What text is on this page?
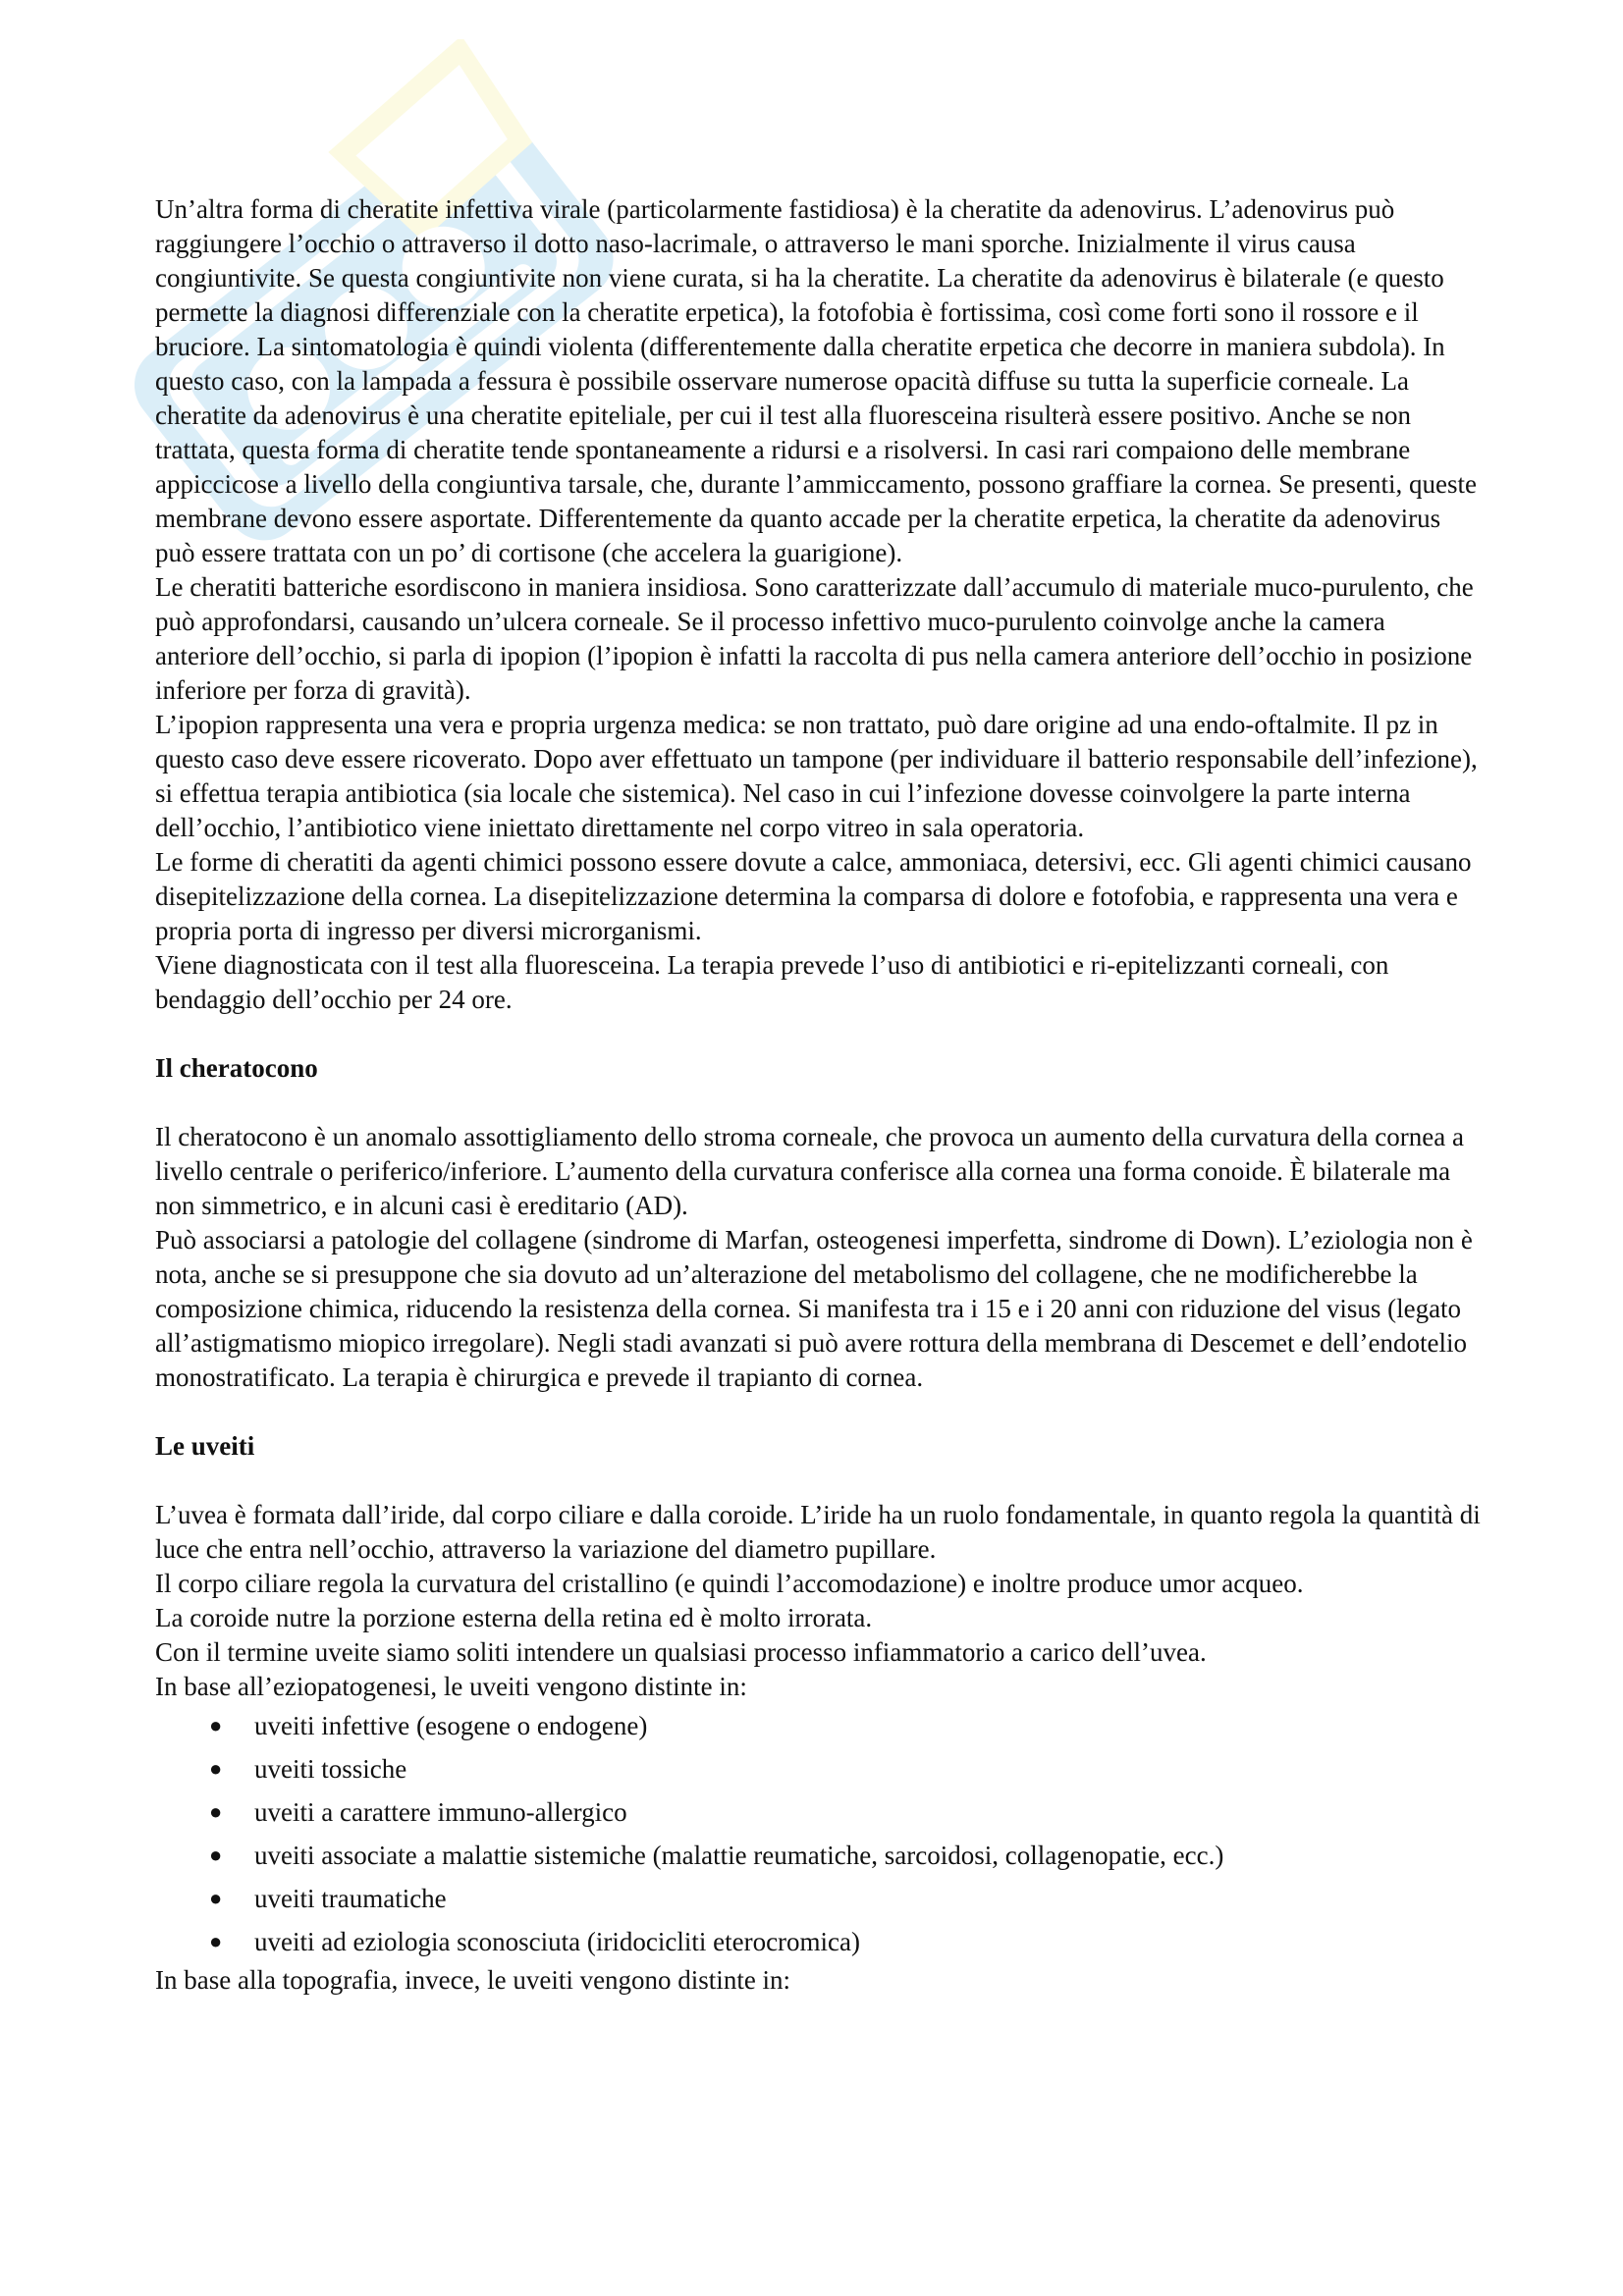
Un’altra forma di cheratite infettiva virale (particolarmente fastidiosa) è la cheratite da adenovirus. L’adenovirus può raggiungere l’occhio o attraverso il dotto naso-lacrimale, o attraverso le mani sporche. Inizialmente il virus causa congiuntivite. Se questa congiuntivite non viene curata, si ha la cheratite. La cheratite da adenovirus è bilaterale (e questo permette la diagnosi differenziale con la cheratite erpetica), la fotofobia è fortissima, così come forti sono il rossore e il bruciore. La sintomatologia è quindi violenta (differentemente dalla cheratite erpetica che decorre in maniera subdola). In questo caso, con la lampada a fessura è possibile osservare numerose opacità diffuse su tutta la superficie corneale. La cheratite da adenovirus è una cheratite epiteliale, per cui il test alla fluoresceina risulterà essere positivo. Anche se non trattata, questa forma di cheratite tende spontaneamente a ridursi e a risolversi. In casi rari compaiono delle membrane appiccicose a livello della congiuntiva tarsale, che, durante l’ammiccamento, possono graffiare la cornea. Se presenti, queste membrane devono essere asportate. Differentemente da quanto accade per la cheratite erpetica, la cheratite da adenovirus può essere trattata con un po’ di cortisone (che accelera la guarigione).

Le cheratiti batteriche esordiscono in maniera insidiosa. Sono caratterizzate dall’accumulo di materiale muco-purulento, che può approfondarsi, causando un’ulcera corneale. Se il processo infettivo muco-purulento coinvolge anche la camera anteriore dell’occhio, si parla di ipopion (l’ipopion è infatti la raccolta di pus nella camera anteriore dell’occhio in posizione inferiore per forza di gravità).

L’ipopion rappresenta una vera e propria urgenza medica: se non trattato, può dare origine ad una endo-oftalmite. Il pz in questo caso deve essere ricoverato. Dopo aver effettuato un tampone (per individuare il batterio responsabile dell’infezione), si effettua terapia antibiotica (sia locale che sistemica). Nel caso in cui l’infezione dovesse coinvolgere la parte interna dell’occhio, l’antibiotico viene iniettato direttamente nel corpo vitreo in sala operatoria.

Le forme di cheratiti da agenti chimici possono essere dovute a calce, ammoniaca, detersivi, ecc. Gli agenti chimici causano disepitelizzazione della cornea. La disepitelizzazione determina la comparsa di dolore e fotofobia, e rappresenta una vera e propria porta di ingresso per diversi microrganismi.

Viene diagnosticata con il test alla fluoresceina. La terapia prevede l’uso di antibiotici e ri-epitelizzanti corneali, con bendaggio dell’occhio per 24 ore.

Il cheratocono

Il cheratocono è un anomalo assottigliamento dello stroma corneale, che provoca un aumento della curvatura della cornea a livello centrale o periferico/inferiore. L’aumento della curvatura conferisce alla cornea una forma conoide. È bilaterale ma non simmetrico, e in alcuni casi è ereditario (AD).

Può associarsi a patologie del collagene (sindrome di Marfan, osteogenesi imperfetta, sindrome di Down). L’eziologia non è nota, anche se si presuppone che sia dovuto ad un’alterazione del metabolismo del collagene, che ne modificherebbe la composizione chimica, riducendo la resistenza della cornea. Si manifesta tra i 15 e i 20 anni con riduzione del visus (legato all’astigmatismo miopico irregolare). Negli stadi avanzati si può avere rottura della membrana di Descemet e dell’endotelio monostratificato. La terapia è chirurgica e prevede il trapianto di cornea.

Le uveiti

L’uvea è formata dall’iride, dal corpo ciliare e dalla coroide. L’iride ha un ruolo fondamentale, in quanto regola la quantità di luce che entra nell’occhio, attraverso la variazione del diametro pupillare.

Il corpo ciliare regola la curvatura del cristallino (e quindi l’accomodazione) e inoltre produce umor acqueo.

La coroide nutre la porzione esterna della retina ed è molto irrorata.

Con il termine uveite siamo soliti intendere un qualsiasi processo infiammatorio a carico dell’uvea.

In base all’eziopatogenesi, le uveiti vengono distinte in:

● uveiti infettive (esogene o endogene)
● uveiti tossiche
● uveiti a carattere immuno-allergico
● uveiti associate a malattie sistemiche (malattie reumatiche, sarcoidosi, collagenopatie, ecc.)
● uveiti traumatiche
● uveiti ad eziologia sconosciuta (iridocicliti eterocromica)

In base alla topografia, invece, le uveiti vengono distinte in:
